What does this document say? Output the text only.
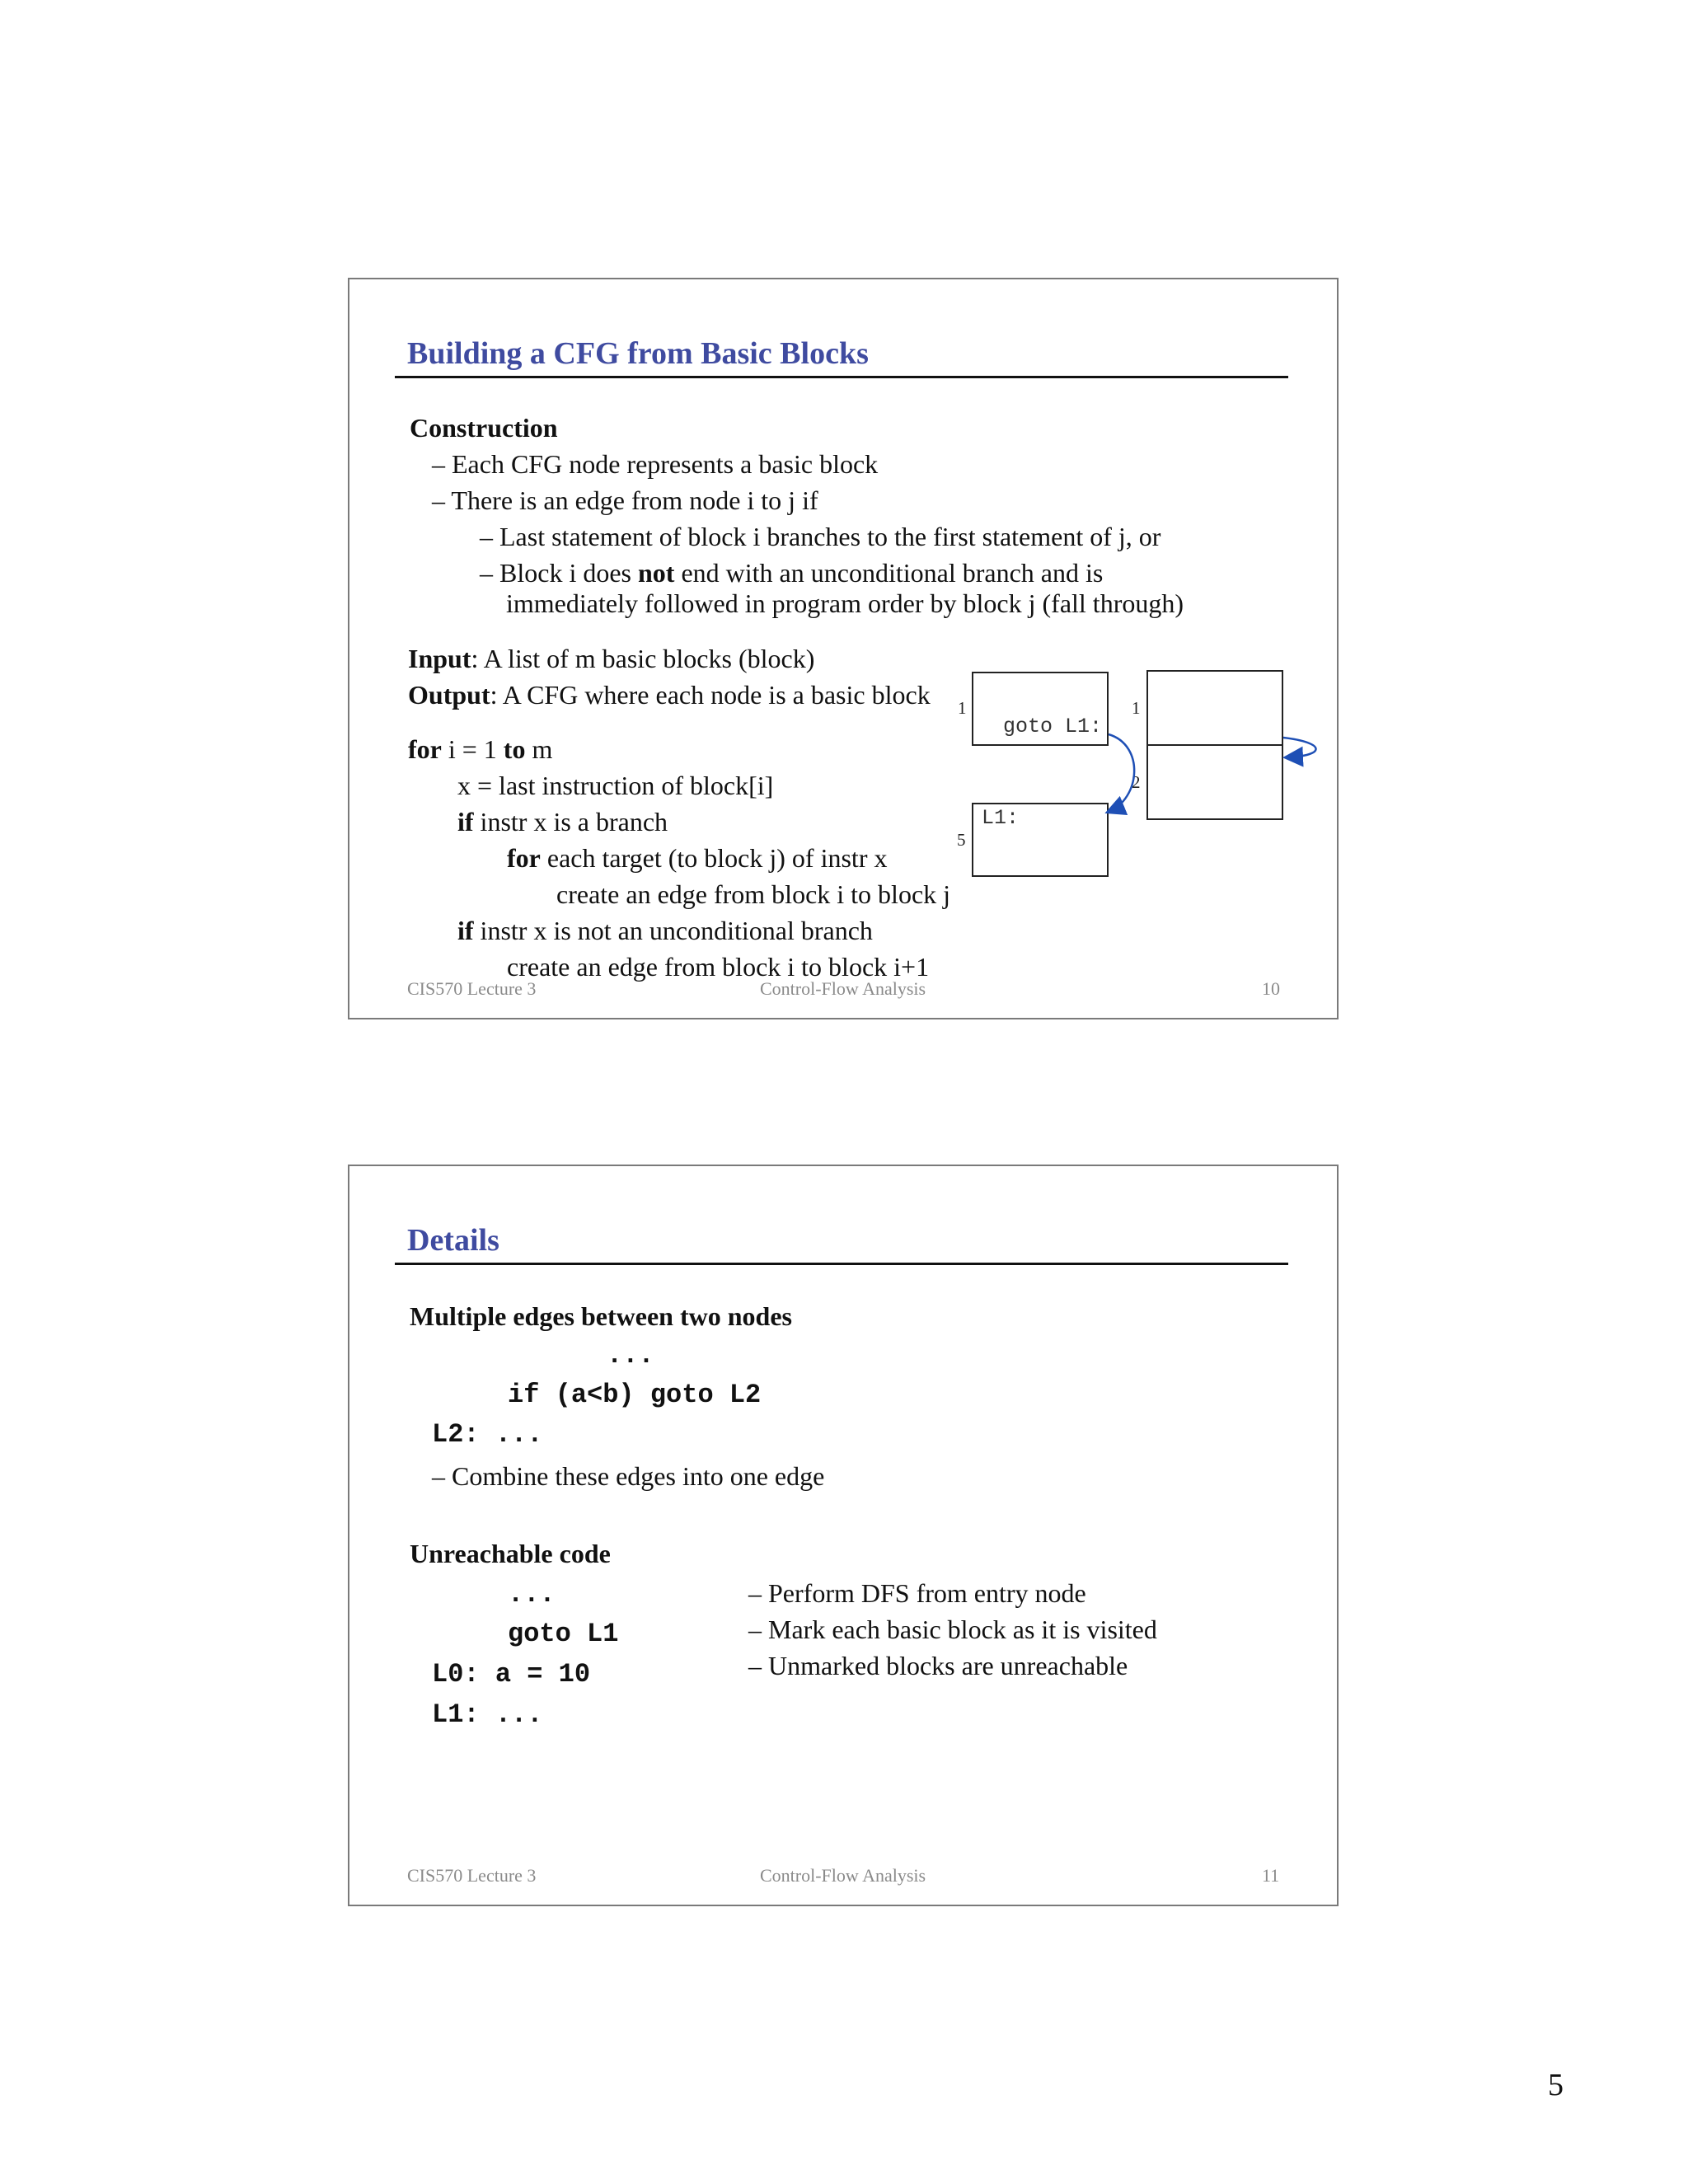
Building a CFG from Basic Blocks
Construction
– Each CFG node represents a basic block
– There is an edge from node i to j if
– Last statement of block i branches to the first statement of j, or
– Block i does not end with an unconditional branch and is
immediately followed in program order by block j (fall through)
Input: A list of m basic blocks (block)
Output: A CFG where each node is a basic block
for i = 1 to m
x = last instruction of block[i]
if instr x is a branch
for each target (to block j) of instr x
create an edge from block i to block j
if instr x is not an unconditional branch
create an edge from block i to block i+1
goto L1:
L1:
1
5
1
2
CIS570 Lecture 3	Control-Flow Analysis	10
Details
Multiple edges between two nodes
...
if (a<b) goto L2
L2: ...
– Combine these edges into one edge
Unreachable code
...
goto L1
L0: a = 10
L1: ...
– Perform DFS from entry node
– Mark each basic block as it is visited
– Unmarked blocks are unreachable
CIS570 Lecture 3	Control-Flow Analysis	11
5
